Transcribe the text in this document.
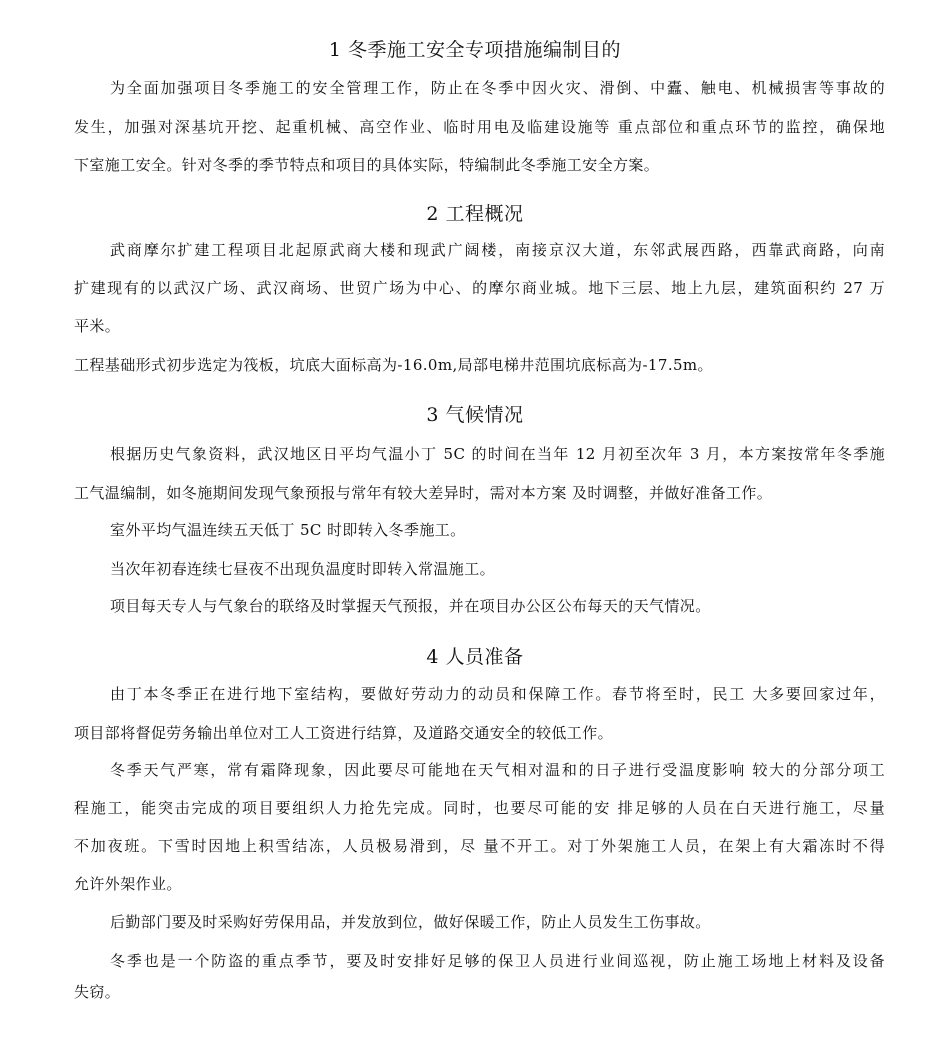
1 冬季施工安全专项措施编制目的
为全面加强项目冬季施工的安全管理工作，防止在冬季中因火灾、滑倒、中蠹、触电、机械损害等事故的
发生，加强对深基坑开挖、起重机械、高空作业、临时用电及临建设施等 重点部位和重点环节的监控，确保地
下室施工安全。针对冬季的季节特点和项目的具体实际，特编制此冬季施工安全方案。
2 工程概况
武商摩尔扩建工程项目北起原武商大楼和现武广阔楼，南接京汉大道，东邻武展西路，西靠武商路，向南
扩建现有的以武汉广场、武汉商场、世贸广场为中心、的摩尔商业城。地下三层、地上九层，建筑面积约 27 万
平米。
工程基础形式初步选定为筏板，坑底大面标高为-16.0m,局部电梯井范围坑底标高为-17.5m。
3 气候情况
根据历史气象资料，武汉地区日平均气温小丁 5C 的时间在当年 12 月初至次年 3 月，本方案按常年冬季施
工气温编制，如冬施期间发现气象预报与常年有较大差异时，需对本方案 及时调整，并做好准备工作。
室外平均气温连续五天低丁 5C 时即转入冬季施工。
当次年初春连续七昼夜不出现负温度时即转入常温施工。
项目每天专人与气象台的联络及时掌握天气预报，并在项目办公区公布每天的天气情况。
4 人员准备
由丁本冬季正在进行地下室结构，要做好劳动力的动员和保障工作。春节将至时，民工 大多要回家过年，
项目部将督促劳务输出单位对工人工资进行结算，及道路交通安全的较低工作。
冬季天气严寒，常有霜降现象，因此要尽可能地在天气相对温和的日子进行受温度影响 较大的分部分项工
程施工，能突击完成的项目要组织人力抢先完成。同时，也要尽可能的安 排足够的人员在白天进行施工，尽量
不加夜班。下雪时因地上积雪结冻，人员极易滑到，尽 量不开工。对丁外架施工人员，在架上有大霜冻时不得
允许外架作业。
后勤部门要及时采购好劳保用品，并发放到位，做好保暖工作，防止人员发生工伤事故。
冬季也是一个防盗的重点季节，要及时安排好足够的保卫人员进行业间巡视，防止施工场地上材料及设备
失窃。
